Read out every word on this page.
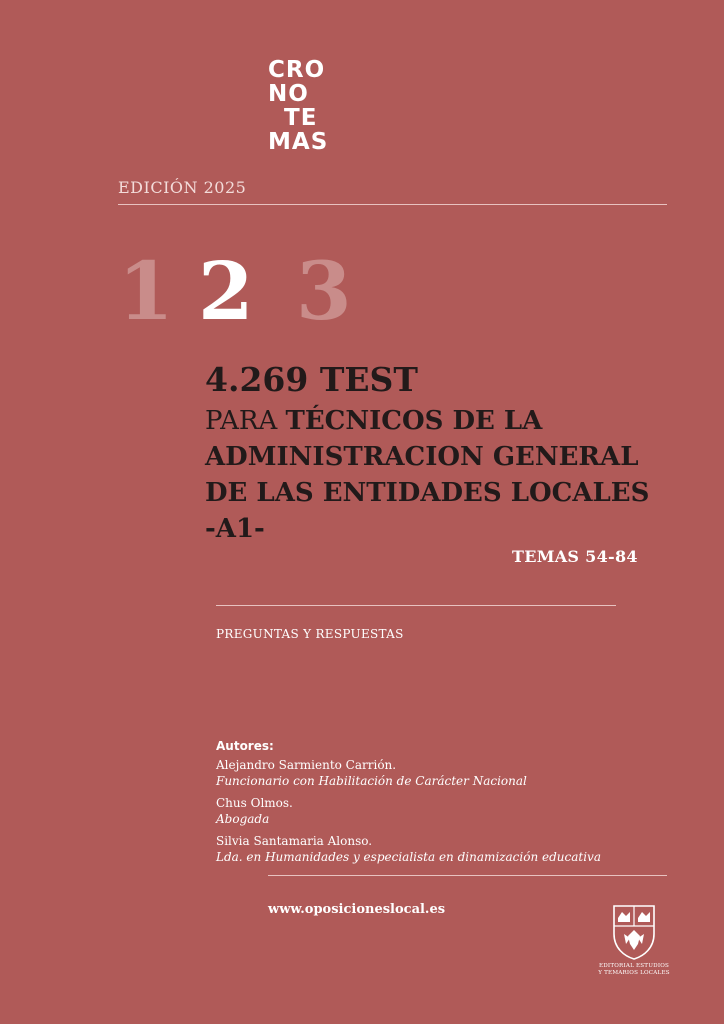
CRO
NO
TE
MAS
EDICIÓN 2025
1 2 3
4.269 TEST
PARA TÉCNICOS DE LA
ADMINISTRACION GENERAL
DE LAS ENTIDADES LOCALES
-A1-
TEMAS 54-84
PREGUNTAS Y RESPUESTAS
Autores:
Alejandro Sarmiento Carrión.
Funcionario con Habilitación de Carácter Nacional
Chus Olmos.
Abogada
Silvia Santamaria Alonso.
Lda. en Humanidades y especialista en dinamización educativa
www.oposicioneslocal.es
EDITORIAL ESTUDIOS
Y TEMARIOS LOCALES
